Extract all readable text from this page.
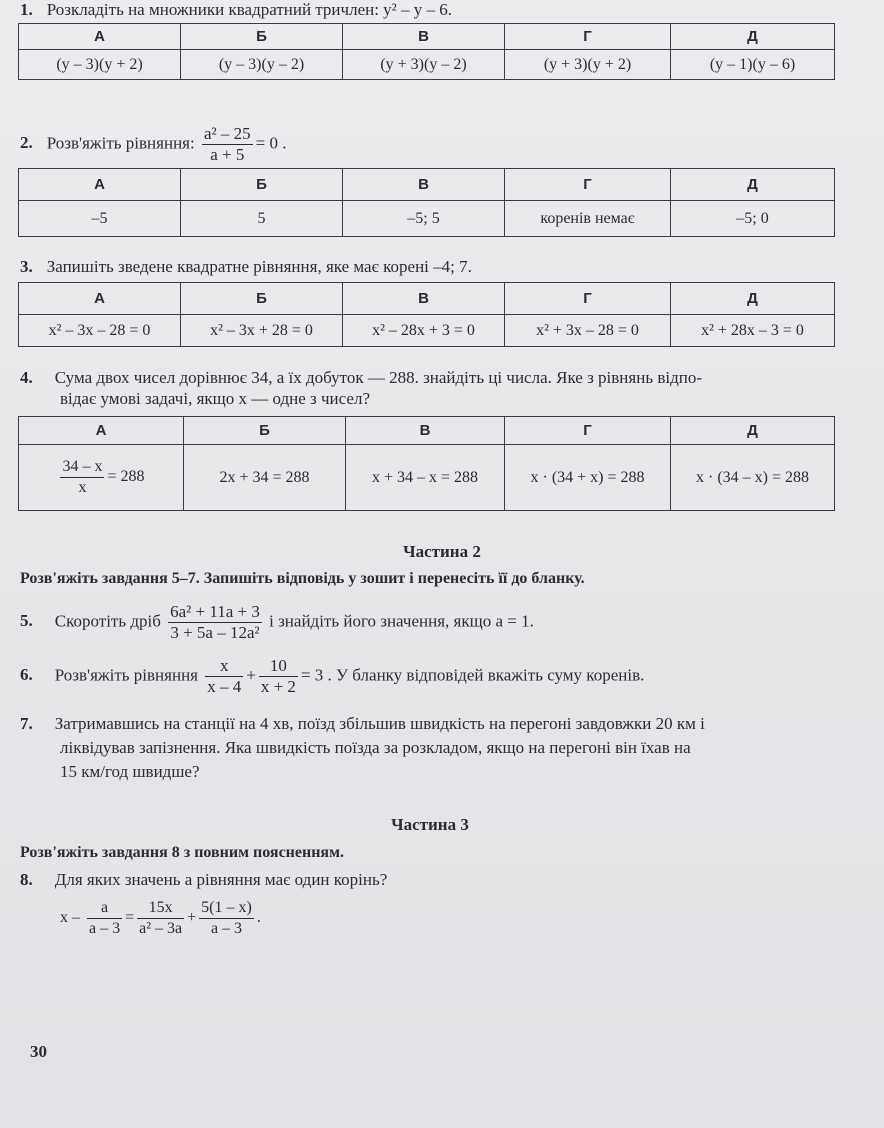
1. Розкладіть на множники квадратний тричлен: y² – y – 6.
А	Б	В	Г	Д
(y – 3)(y + 2)	(y – 3)(y – 2)	(y + 3)(y – 2)	(y + 3)(y + 2)	(y – 1)(y – 6)
2. Розв'яжіть рівняння: $\frac{\text{a² – 25}}{a + 5} = 0$ .
А	Б	В	Г	Д
–5	5	–5; 5	коренів немає	–5; 0
3. Запишіть зведене квадратне рівняння, яке має корені –4; 7.
А	Б	В	Г	Д
x² – 3x – 28 = 0	x² – 3x + 28 = 0	x² – 28x + 3 = 0	x² + 3x – 28 = 0	x² + 28x – 3 = 0
4. Сума двох чисел дорівнює 34, а їх добуток — 288. знайдіть ці числа. Яке з рівнянь відпо-
відає умові задачі, якщо x — одне з чисел?
А	Б	В	Г	Д

$\frac{34 - x}{x} = 288$	2x + 34 = 288	x + 34 – x = 288	x · (34 + x) = 288	x · (34 – x) = 288
Частина 2
Розв'яжіть завдання 5–7. Запишіть відповідь у зошит і перенесіть її до бланку.
5. Скоротіть дріб $\frac{\text{6a² + 11a + 3}}{\text{3 + 5a – 12a²}}$ і знайдіть його значення, якщо a = 1.
6. Розв'яжіть рівняння $\frac{x}{x - 4} + \frac{10}{x + 2} = 3$ . У бланку відповідей вкажіть суму коренів.
7. Затримавшись на станції на 4 хв, поїзд збільшив швидкість на перегоні завдовжки 20 км і
ліквідував запізнення. Яка швидкість поїзда за розкладом, якщо на перегоні він їхав на
15 км/год швидше?
Частина 3
Розв'яжіть завдання 8 з повним поясненням.
8. Для яких значень a рівняння має один корінь?
$x - \frac{a}{a - 3} = \frac{15x}{\text{a² – 3a}} + \frac{5(1 - x)}{a - 3}$ .
30
